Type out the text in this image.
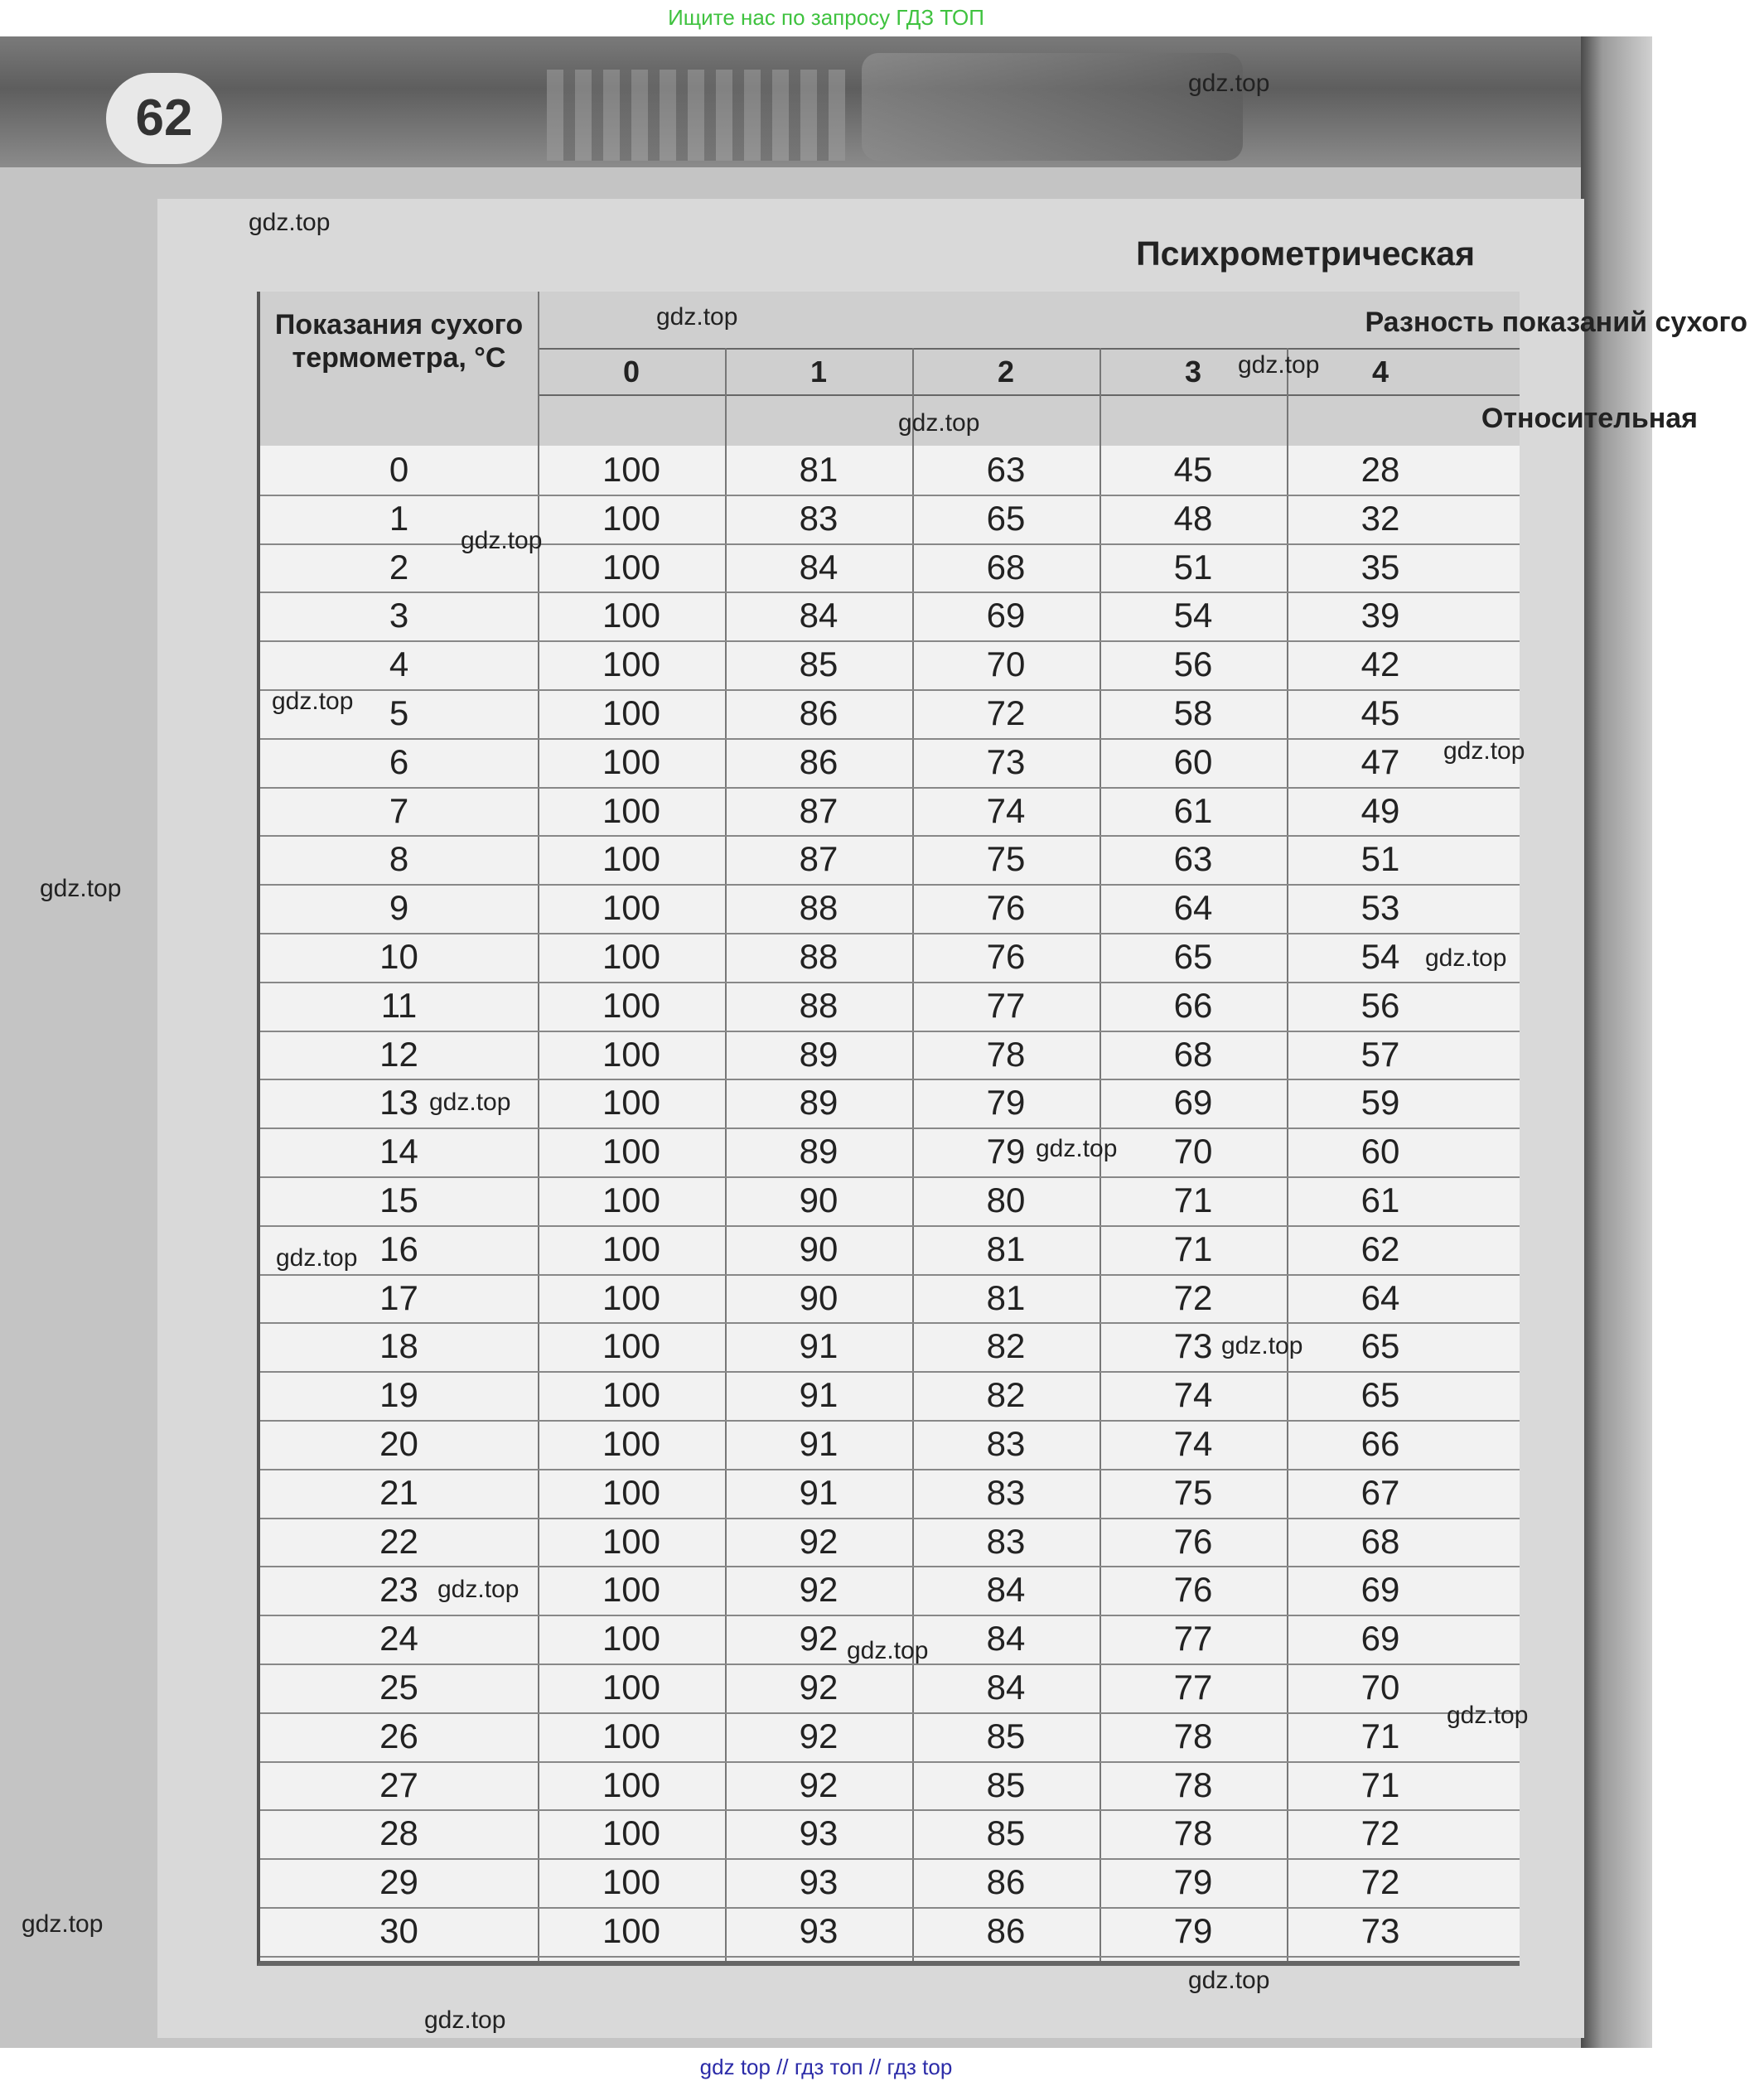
Ищите нас по запросу ГДЗ ТОП
62
Психрометрическая
Показания сухого термометра, °С
Разность показаний сухого
0	1	2	3	4
Относительная
0	100	81	63	45	28
1	100	83	65	48	32
2	100	84	68	51	35
3	100	84	69	54	39
4	100	85	70	56	42
5	100	86	72	58	45
6	100	86	73	60	47
7	100	87	74	61	49
8	100	87	75	63	51
9	100	88	76	64	53
10	100	88	76	65	54
11	100	88	77	66	56
12	100	89	78	68	57
13	100	89	79	69	59
14	100	89	79	70	60
15	100	90	80	71	61
16	100	90	81	71	62
17	100	90	81	72	64
18	100	91	82	73	65
19	100	91	82	74	65
20	100	91	83	74	66
21	100	91	83	75	67
22	100	92	83	76	68
23	100	92	84	76	69
24	100	92	84	77	69
25	100	92	84	77	70
26	100	92	85	78	71
27	100	92	85	78	71
28	100	93	85	78	72
29	100	93	86	79	72
30	100	93	86	79	73
gdz.top
gdz.top
gdz.top
gdz.top
gdz.top
gdz.top
gdz.top
gdz.top
gdz.top
gdz.top
gdz.top
gdz.top
gdz.top
gdz.top
gdz.top
gdz.top
gdz.top
gdz.top
gdz.top
gdz.top
gdz top // гдз топ // гдз top
